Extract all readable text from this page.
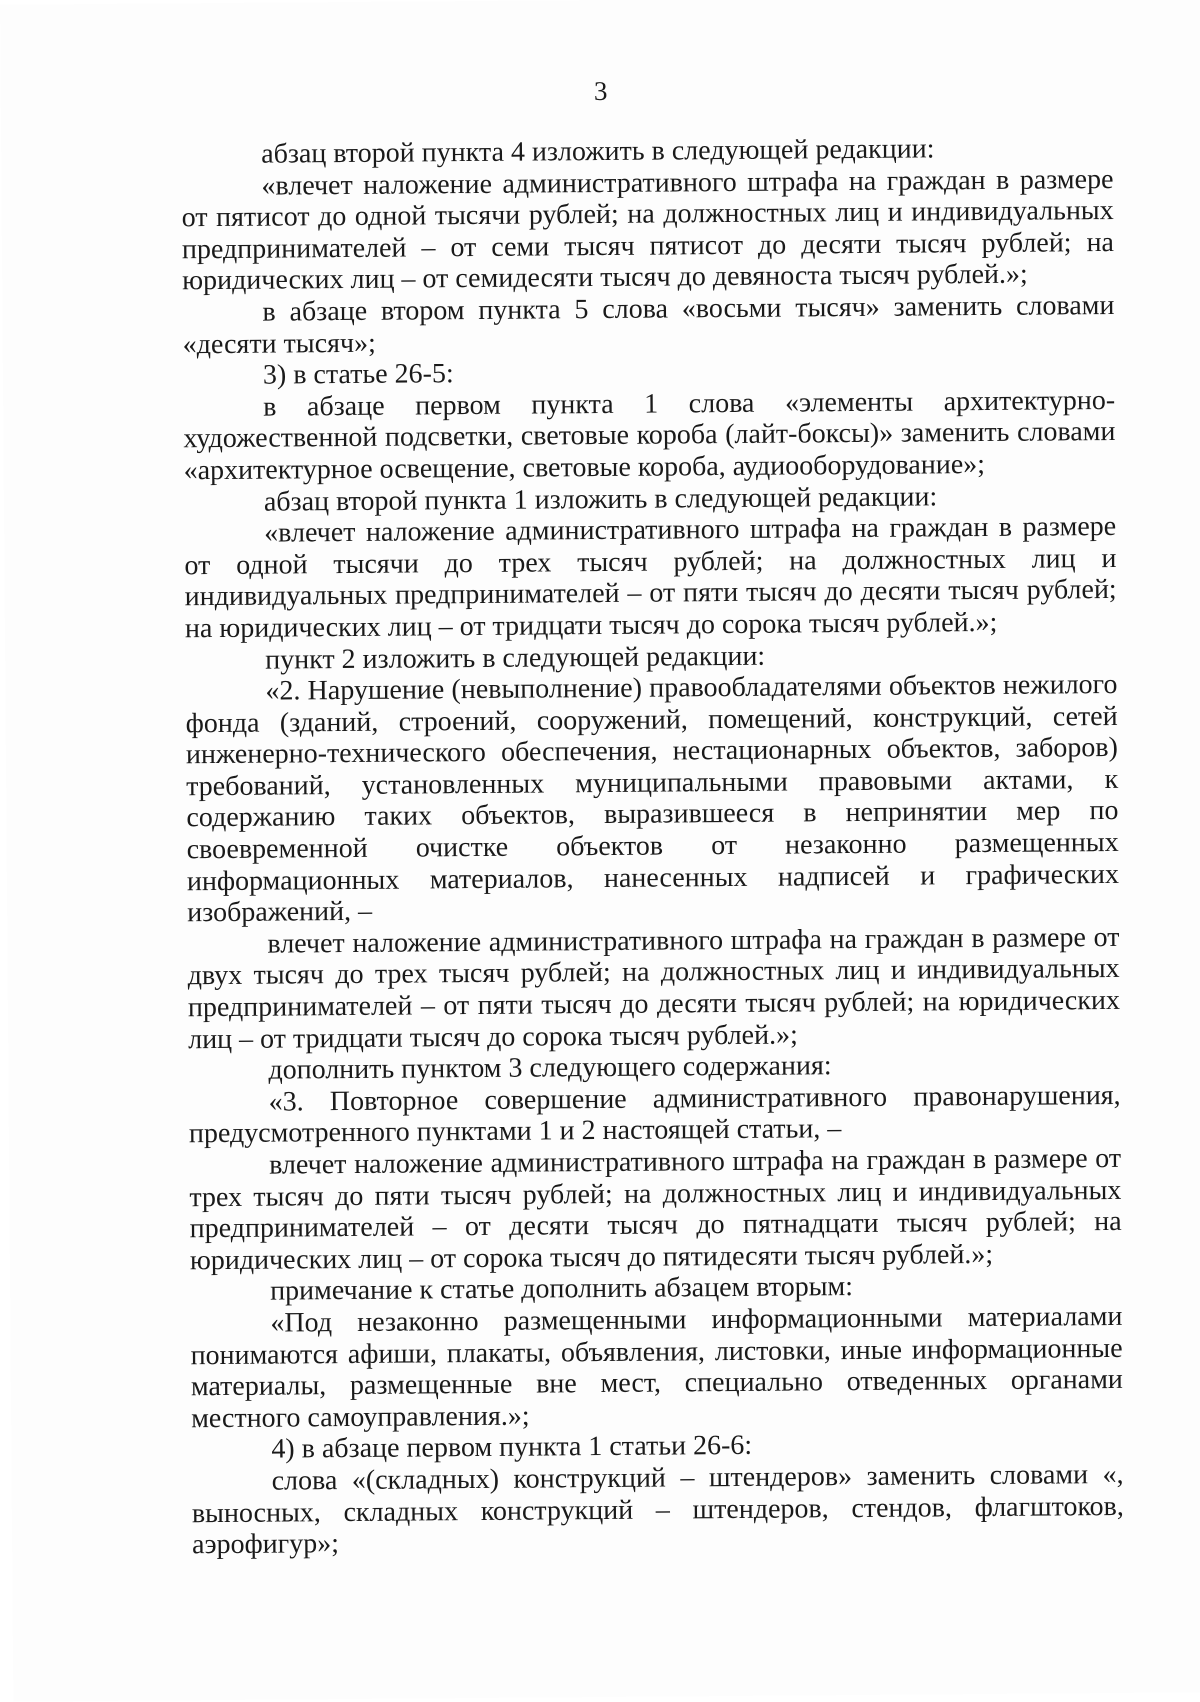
3

абзац второй пункта 4 изложить в следующей редакции:

«влечет наложение административного штрафа на граждан в размере от пятисот до одной тысячи рублей; на должностных лиц и индивидуальных предпринимателей – от семи тысяч пятисот до десяти тысяч рублей; на юридических лиц – от семидесяти тысяч до девяноста тысяч рублей.»;

в абзаце втором пункта 5 слова «восьми тысяч» заменить словами «десяти тысяч»;

3) в статье 26-5:

в абзаце первом пункта 1 слова «элементы архитектурно-художественной подсветки, световые короба (лайт-боксы)» заменить словами «архитектурное освещение, световые короба, аудиооборудование»;

абзац второй пункта 1 изложить в следующей редакции:

«влечет наложение административного штрафа на граждан в размере от одной тысячи до трех тысяч рублей; на должностных лиц и индивидуальных предпринимателей – от пяти тысяч до десяти тысяч рублей; на юридических лиц – от тридцати тысяч до сорока тысяч рублей.»;

пункт 2 изложить в следующей редакции:

«2. Нарушение (невыполнение) правообладателями объектов нежилого фонда (зданий, строений, сооружений, помещений, конструкций, сетей инженерно-технического обеспечения, нестационарных объектов, заборов) требований, установленных муниципальными правовыми актами, к содержанию таких объектов, выразившееся в непринятии мер по своевременной очистке объектов от незаконно размещенных информационных материалов, нанесенных надписей и графических изображений, –

влечет наложение административного штрафа на граждан в размере от двух тысяч до трех тысяч рублей; на должностных лиц и индивидуальных предпринимателей – от пяти тысяч до десяти тысяч рублей; на юридических лиц – от тридцати тысяч до сорока тысяч рублей.»;

дополнить пунктом 3 следующего содержания:

«3. Повторное совершение административного правонарушения, предусмотренного пунктами 1 и 2 настоящей статьи, –

влечет наложение административного штрафа на граждан в размере от трех тысяч до пяти тысяч рублей; на должностных лиц и индивидуальных предпринимателей – от десяти тысяч до пятнадцати тысяч рублей; на юридических лиц – от сорока тысяч до пятидесяти тысяч рублей.»;

примечание к статье дополнить абзацем вторым:

«Под незаконно размещенными информационными материалами понимаются афиши, плакаты, объявления, листовки, иные информационные материалы, размещенные вне мест, специально отведенных органами местного самоуправления.»;

4) в абзаце первом пункта 1 статьи 26-6:

слова «(складных) конструкций – штендеров» заменить словами «, выносных, складных конструкций – штендеров, стендов, флагштоков, аэрофигур»;
